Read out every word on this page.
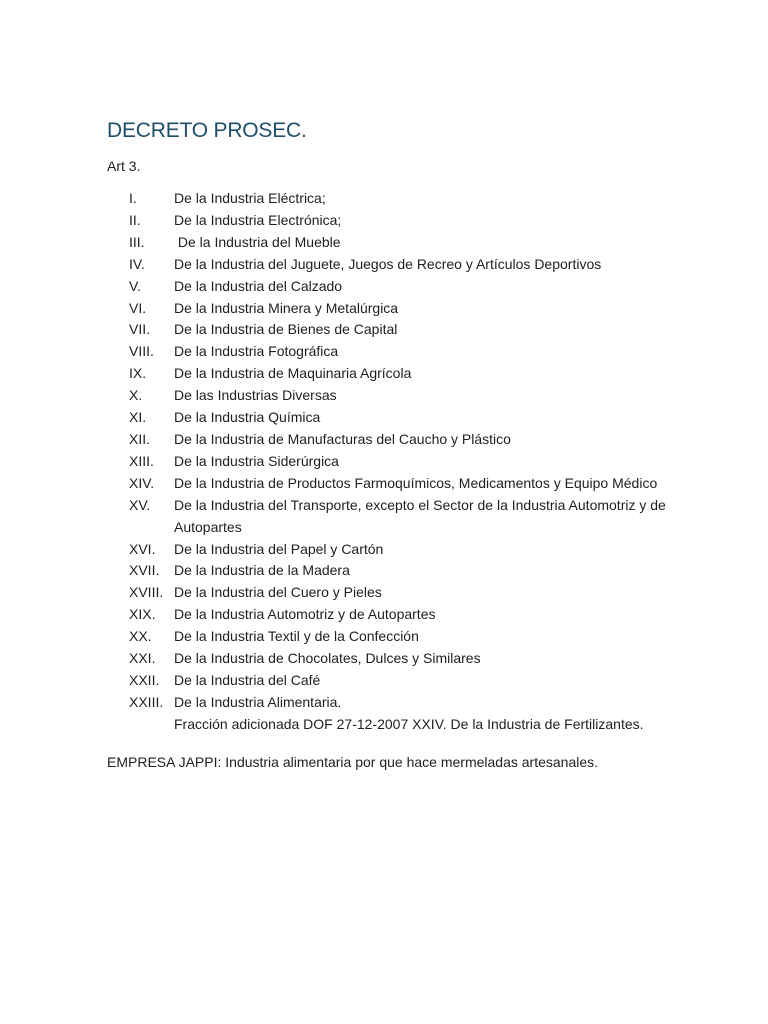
DECRETO PROSEC.
Art 3.
I.	De la Industria Eléctrica;
II.	De la Industria Electrónica;
III.	De la Industria del Mueble
IV.	De la Industria del Juguete, Juegos de Recreo y Artículos Deportivos
V.	De la Industria del Calzado
VI.	De la Industria Minera y Metalúrgica
VII.	De la Industria de Bienes de Capital
VIII.	De la Industria Fotográfica
IX.	De la Industria de Maquinaria Agrícola
X.	De las Industrias Diversas
XI.	De la Industria Química
XII.	De la Industria de Manufacturas del Caucho y Plástico
XIII.	De la Industria Siderúrgica
XIV.	De la Industria de Productos Farmoquímicos, Medicamentos y Equipo Médico
XV.	De la Industria del Transporte, excepto el Sector de la Industria Automotriz y de Autopartes
XVI.	De la Industria del Papel y Cartón
XVII.	De la Industria de la Madera
XVIII. De la Industria del Cuero y Pieles
XIX.	De la Industria Automotriz y de Autopartes
XX.	De la Industria Textil y de la Confección
XXI.	De la Industria de Chocolates, Dulces y Similares
XXII.	De la Industria del Café
XXIII. De la Industria Alimentaria.
Fracción adicionada DOF 27-12-2007 XXIV. De la Industria de Fertilizantes.
EMPRESA JAPPI: Industria alimentaria por que hace mermeladas artesanales.
